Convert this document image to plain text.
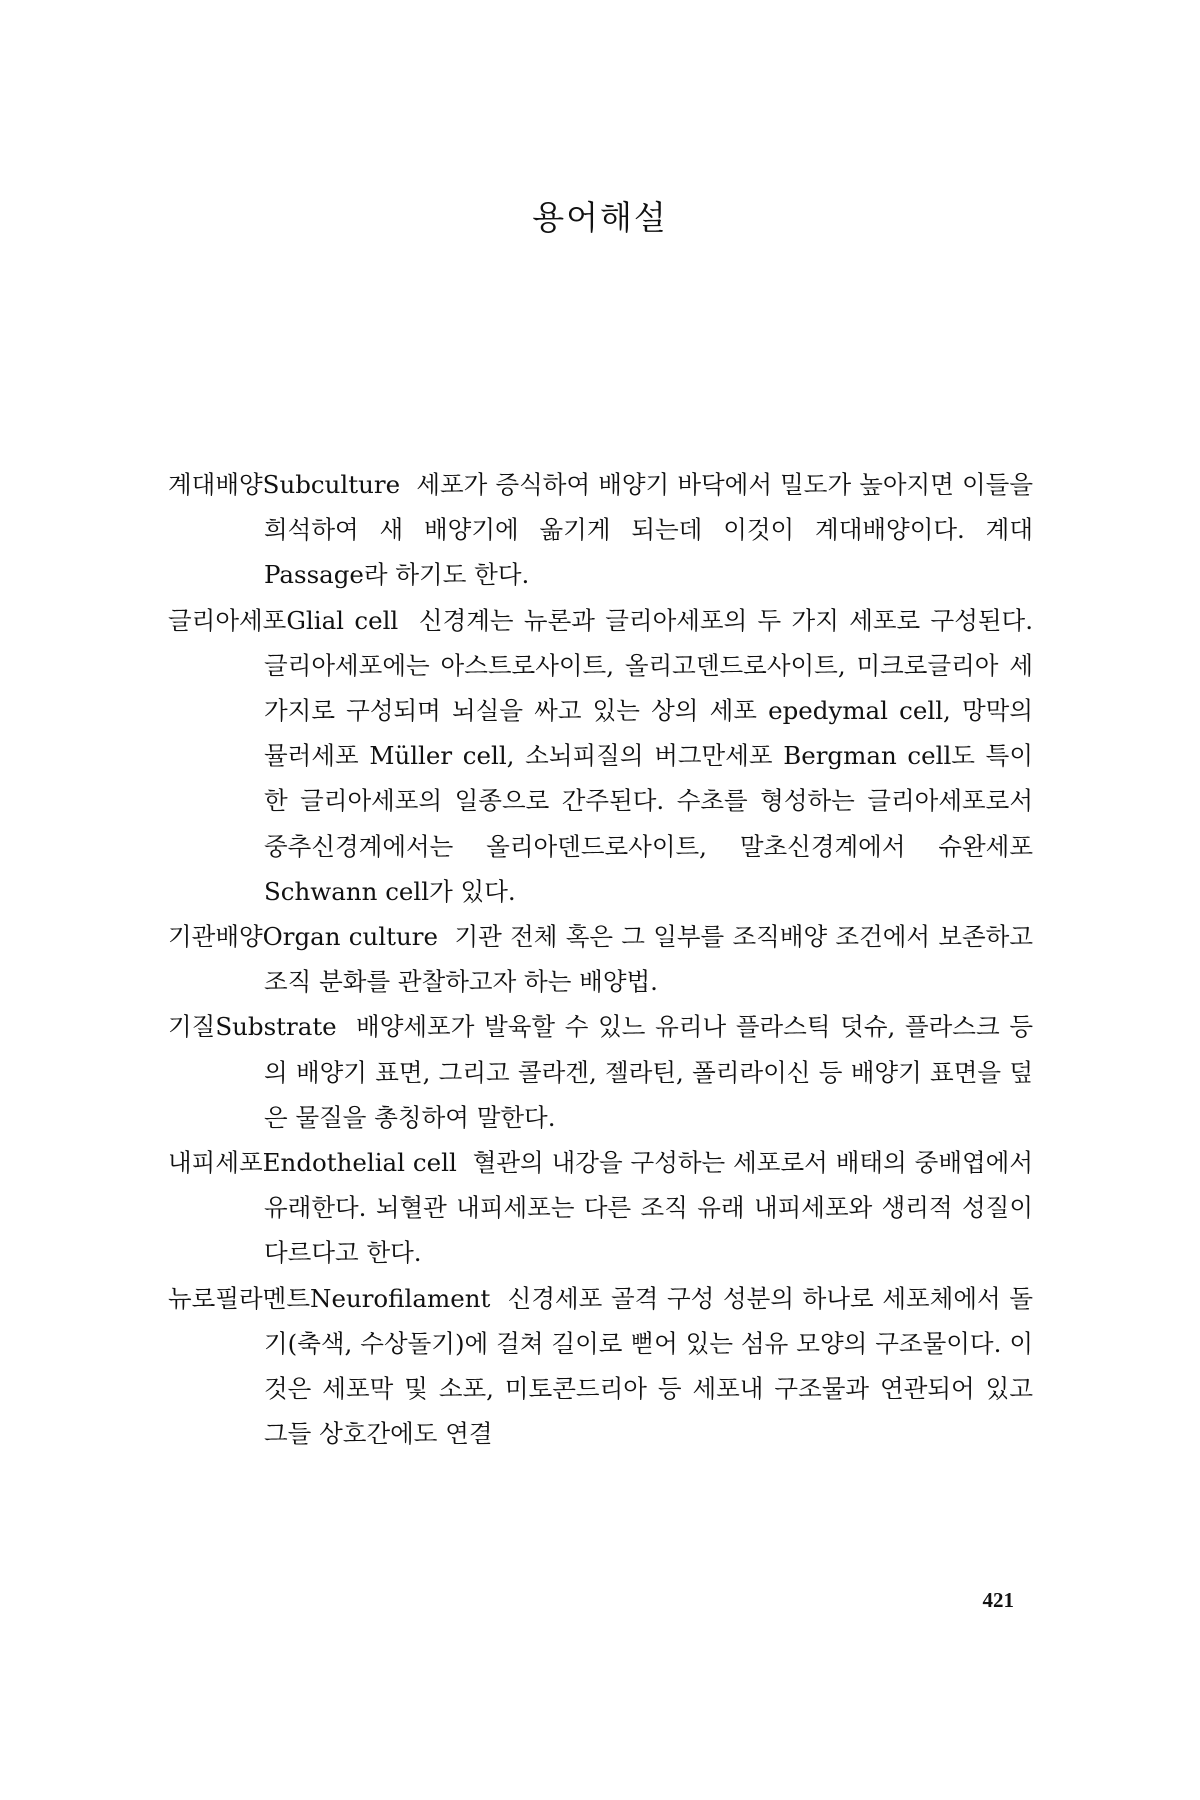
용어해설

계대배양Subculture 세포가 증식하여 배양기 바닥에서 밀도가 높아지면 이들을 희석하여 새 배양기에 옮기게 되는데 이것이 계대배양이다. 계대Passage라 하기도 한다.

글리아세포Glial cell 신경계는 뉴론과 글리아세포의 두 가지 세포로 구성된다. 글리아세포에는 아스트로사이트, 올리고덴드로사이트, 미크로글리아 세 가지로 구성되며 뇌실을 싸고 있는 상의 세포 epedymal cell, 망막의 뮬러세포 Müller cell, 소뇌피질의 버그만세포 Bergman cell도 특이한 글리아세포의 일종으로 간주된다. 수초를 형성하는 글리아세포로서 중추신경계에서는 올리아덴드로사이트, 말초신경계에서 슈완세포 Schwann cell가 있다.

기관배양Organ culture 기관 전체 혹은 그 일부를 조직배양 조건에서 보존하고 조직 분화를 관찰하고자 하는 배양법.

기질Substrate 배양세포가 발육할 수 있느 유리나 플라스틱 덧슈, 플라스크 등의 배양기 표면, 그리고 콜라겐, 젤라틴, 폴리라이신 등 배양기 표면을 덮은 물질을 총칭하여 말한다.

내피세포Endothelial cell 혈관의 내강을 구성하는 세포로서 배태의 중배엽에서 유래한다. 뇌혈관 내피세포는 다른 조직 유래 내피세포와 생리적 성질이 다르다고 한다.

뉴로필라멘트Neurofilament 신경세포 골격 구성 성분의 하나로 세포체에서 돌기(축색, 수상돌기)에 걸쳐 길이로 뻗어 있는 섬유 모양의 구조물이다. 이것은 세포막 및 소포, 미토콘드리아 등 세포내 구조물과 연관되어 있고 그들 상호간에도 연결

421
